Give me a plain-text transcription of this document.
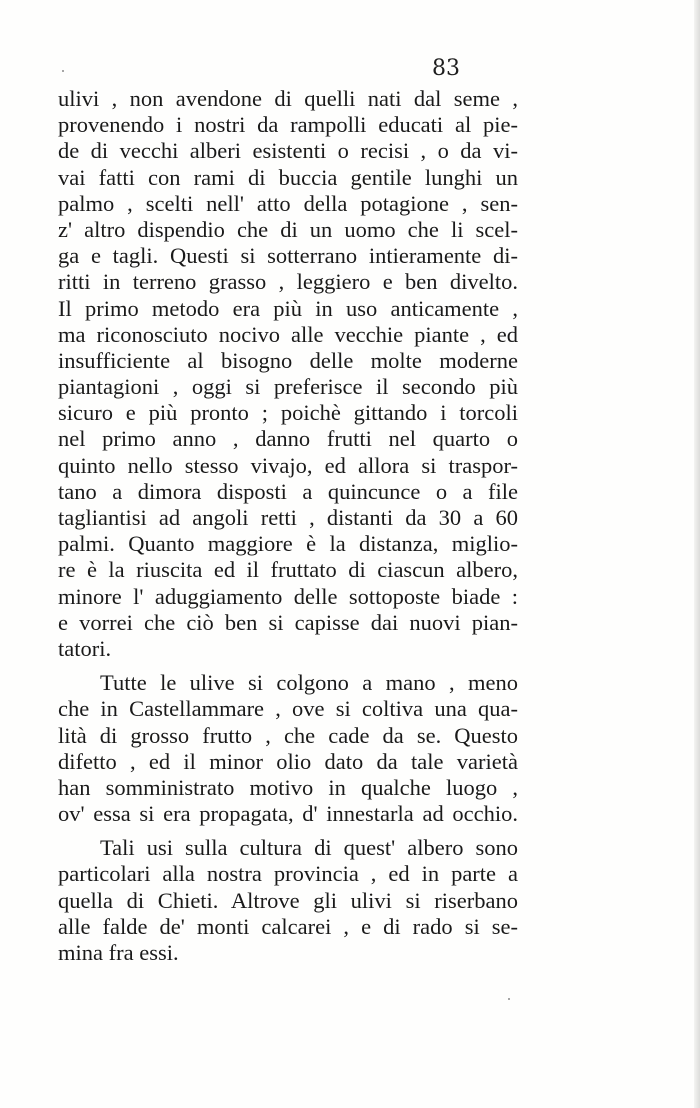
83
ulivi , non avendone di quelli nati dal seme ,
provenendo i nostri da rampolli educati al pie-
de di vecchi alberi esistenti o recisi , o da vi-
vai fatti con rami di buccia gentile lunghi un
palmo , scelti nell' atto della potagione , sen-
z' altro dispendio che di un uomo che li scel-
ga e tagli. Questi si sotterrano intieramente di-
ritti in terreno grasso , leggiero e ben divelto.
Il primo metodo era più in uso anticamente ,
ma riconosciuto nocivo alle vecchie piante , ed
insufficiente al bisogno delle molte moderne
piantagioni , oggi si preferisce il secondo più
sicuro e più pronto ; poichè gittando i torcoli
nel primo anno , danno frutti nel quarto o
quinto nello stesso vivajo, ed allora si traspor-
tano a dimora disposti a quincunce o a file
tagliantisi ad angoli retti , distanti da 30 a 60
palmi. Quanto maggiore è la distanza, miglio-
re è la riuscita ed il fruttato di ciascun albero,
minore l' aduggiamento delle sottoposte biade :
e vorrei che ciò ben si capisse dai nuovi pian-
tatori.
Tutte le ulive si colgono a mano , meno
che in Castellammare , ove si coltiva una qua-
lità di grosso frutto , che cade da se. Questo
difetto , ed il minor olio dato da tale varietà
han somministrato motivo in qualche luogo ,
ov' essa si era propagata, d' innestarla ad occhio.
Tali usi sulla cultura di quest' albero sono
particolari alla nostra provincia , ed in parte a
quella di Chieti. Altrove gli ulivi si riserbano
alle falde de' monti calcarei , e di rado si se-
mina fra essi.
